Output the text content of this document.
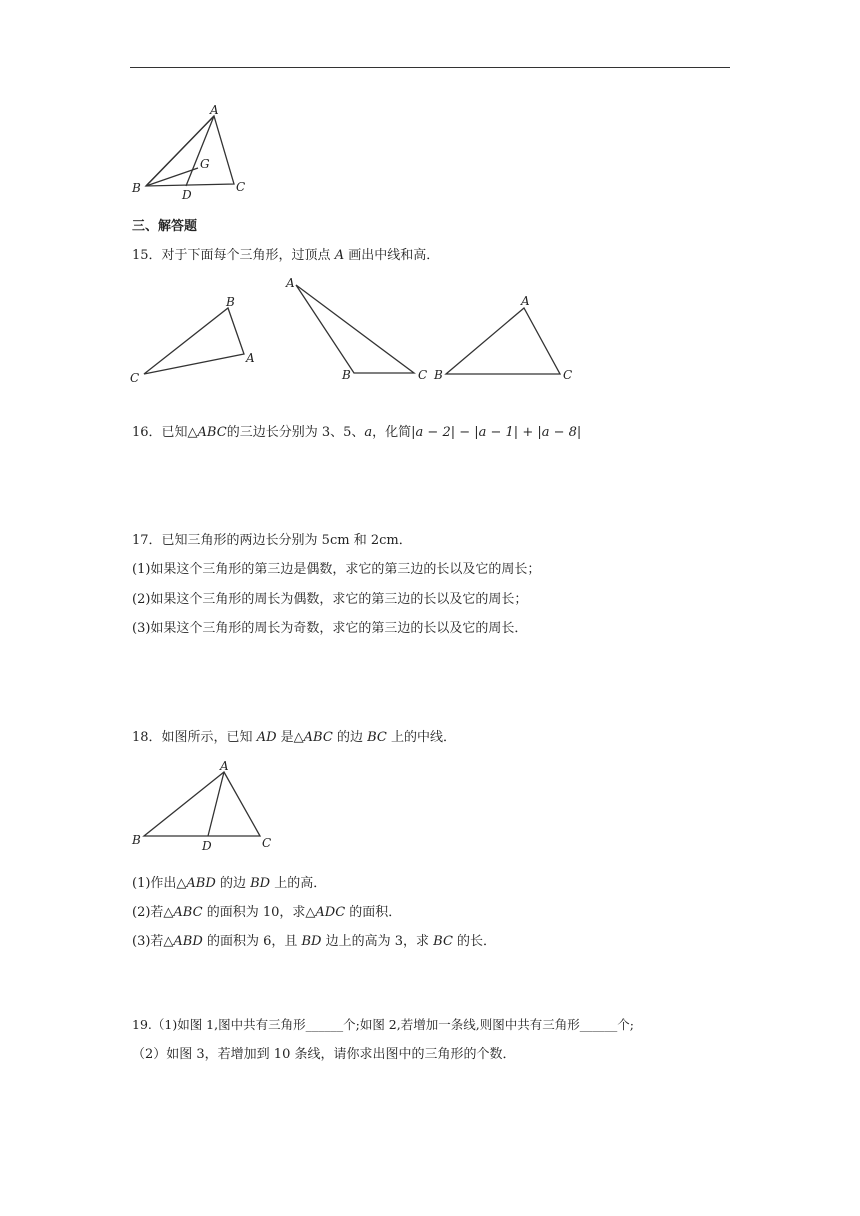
A
B
G
D
C
三、解答题
15．对于下面每个三角形，过顶点 A 画出中线和高．
B
A
C
A
B	C
A
B	C
16．已知△ABC的三边长分别为 3、5、a，化简|a − 2| − |a − 1| + |a − 8|
17．已知三角形的两边长分别为 5cm 和 2cm．
(1)如果这个三角形的第三边是偶数，求它的第三边的长以及它的周长；
(2)如果这个三角形的周长为偶数，求它的第三边的长以及它的周长；
(3)如果这个三角形的周长为奇数，求它的第三边的长以及它的周长．
18．如图所示，已知 AD 是△ABC 的边 BC 上的中线．
A
B	D	C
(1)作出△ABD 的边 BD 上的高．
(2)若△ABC 的面积为 10，求△ADC 的面积．
(3)若△ABD 的面积为 6，且 BD 边上的高为 3，求 BC 的长．
19.（1)如图 1,图中共有三角形______个;如图 2,若增加一条线,则图中共有三角形______个;
（2）如图 3，若增加到 10 条线，请你求出图中的三角形的个数．
